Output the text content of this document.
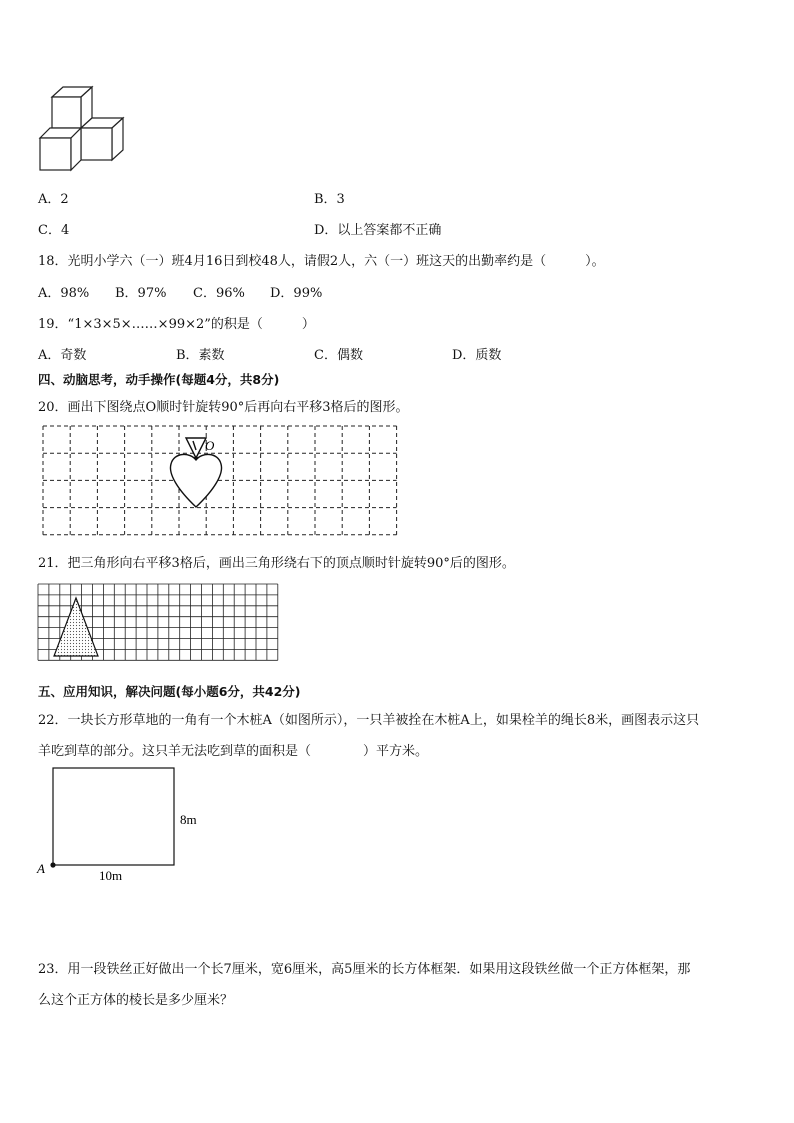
A．2	B．3
C．4	D．以上答案都不正确
18．光明小学六（一）班4月16日到校48人，请假2人，六（一）班这天的出勤率约是（　　　）。
A．98% B．97% C．96% D．99%
19．“1×3×5×……×99×2”的积是（　　　）
A．奇数	B．素数	C．偶数	D．质数
四、动脑思考，动手操作(每题4分，共8分)
20．画出下图绕点O顺时针旋转90°后再向右平移3格后的图形。
O
21．把三角形向右平移3格后，画出三角形绕右下的顶点顺时针旋转90°后的图形。
五、应用知识，解决问题(每小题6分，共42分)
22．一块长方形草地的一角有一个木桩A（如图所示），一只羊被拴在木桩A上，如果栓羊的绳长8米，画图表示这只
羊吃到草的部分。这只羊无法吃到草的面积是（　　　　）平方米。
8m
10m
A
23．用一段铁丝正好做出一个长7厘米，宽6厘米，高5厘米的长方体框架．如果用这段铁丝做一个正方体框架，那
么这个正方体的棱长是多少厘米？
